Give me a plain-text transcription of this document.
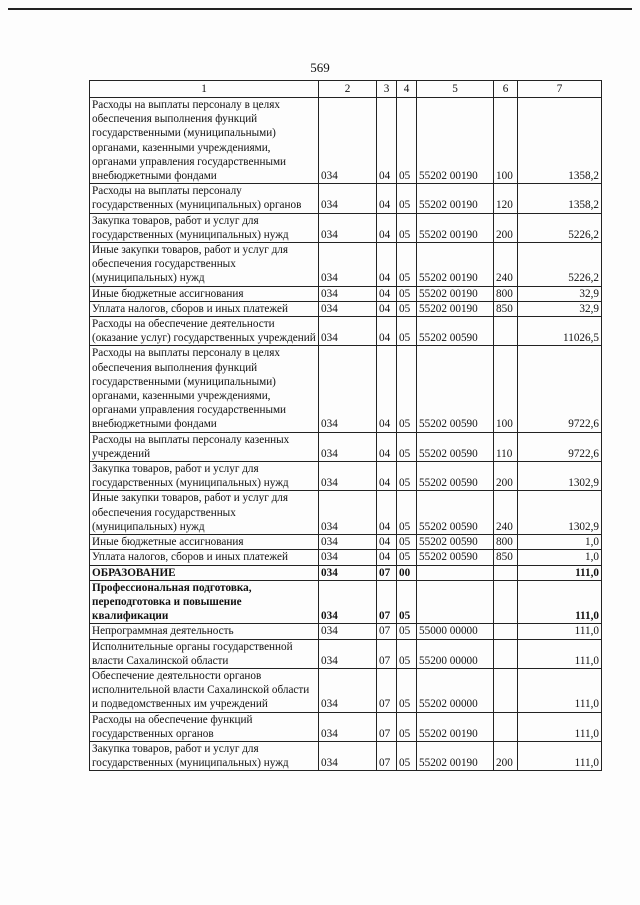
569
1	2	3	4	5	6	7
Расходы на выплаты персоналу в целях обеспечения выполнения функций государственными (муниципальными) органами, казенными учреждениями, органами управления государственными внебюджетными фондами	034	04	05	55202 00190	100	1358,2
Расходы на выплаты персоналу государственных (муниципальных) органов	034	04	05	55202 00190	120	1358,2
Закупка товаров, работ и услуг для государственных (муниципальных) нужд	034	04	05	55202 00190	200	5226,2
Иные закупки товаров, работ и услуг для обеспечения государственных (муниципальных) нужд	034	04	05	55202 00190	240	5226,2
Иные бюджетные ассигнования	034	04	05	55202 00190	800	32,9
Уплата налогов, сборов и иных платежей	034	04	05	55202 00190	850	32,9
Расходы на обеспечение деятельности (оказание услуг) государственных учреждений	034	04	05	55202 00590		11026,5
Расходы на выплаты персоналу в целях обеспечения выполнения функций государственными (муниципальными) органами, казенными учреждениями, органами управления государственными внебюджетными фондами	034	04	05	55202 00590	100	9722,6
Расходы на выплаты персоналу казенных учреждений	034	04	05	55202 00590	110	9722,6
Закупка товаров, работ и услуг для государственных (муниципальных) нужд	034	04	05	55202 00590	200	1302,9
Иные закупки товаров, работ и услуг для обеспечения государственных (муниципальных) нужд	034	04	05	55202 00590	240	1302,9
Иные бюджетные ассигнования	034	04	05	55202 00590	800	1,0
Уплата налогов, сборов и иных платежей	034	04	05	55202 00590	850	1,0
ОБРАЗОВАНИЕ	034	07	00			111,0
Профессиональная подготовка, переподготовка и повышение квалификации	034	07	05			111,0
Непрограммная деятельность	034	07	05	55000 00000		111,0
Исполнительные органы государственной власти Сахалинской области	034	07	05	55200 00000		111,0
Обеспечение деятельности органов исполнительной власти Сахалинской области и подведомственных им учреждений	034	07	05	55202 00000		111,0
Расходы на обеспечение функций государственных органов	034	07	05	55202 00190		111,0
Закупка товаров, работ и услуг для государственных (муниципальных) нужд	034	07	05	55202 00190	200	111,0
